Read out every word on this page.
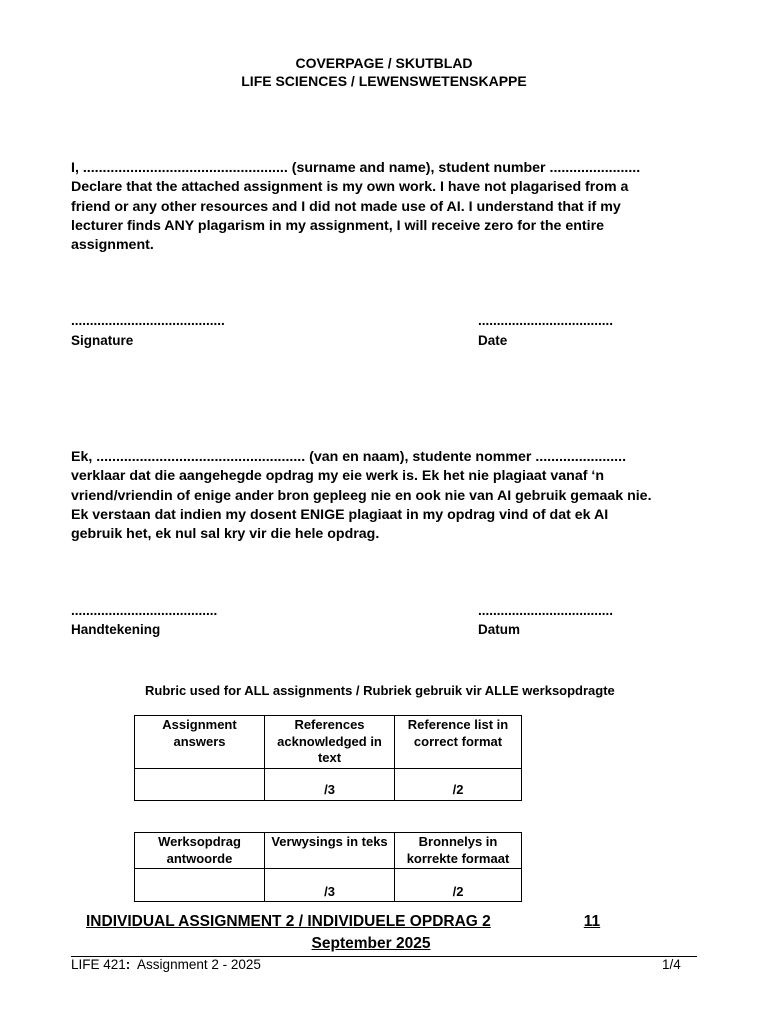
COVERPAGE / SKUTBLAD
LIFE SCIENCES / LEWENSWETENSKAPPE
I, .................................................... (surname and name), student number .......................
Declare that the attached assignment is my own work. I have not plagarised from a
friend or any other resources and I did not made use of AI. I understand that if my
lecturer finds ANY plagarism in my assignment, I will receive zero for the entire
assignment.
.........................................
Signature
....................................
Date
Ek, ..................................................... (van en naam), studente nommer .......................
verklaar dat die aangehegde opdrag my eie werk is. Ek het nie plagiaat vanaf ‘n
vriend/vriendin of enige ander bron gepleeg nie en ook nie van AI gebruik gemaak nie.
Ek verstaan dat indien my dosent ENIGE plagiaat in my opdrag vind of dat ek AI
gebruik het, ek nul sal kry vir die hele opdrag.
.......................................
Handtekening
....................................
Datum
Rubric used for ALL assignments / Rubriek gebruik vir ALLE werksopdragte
Assignment answers	References acknowledged in text	Reference list in correct format
	/3	/2
Werksopdrag antwoorde	Verwysings in teks	Bronnelys in korrekte formaat
	/3	/2
INDIVIDUAL ASSIGNMENT 2 / INDIVIDUELE OPDRAG 2	11
September 2025
LIFE 421:  Assignment 2 - 2025	1/4
